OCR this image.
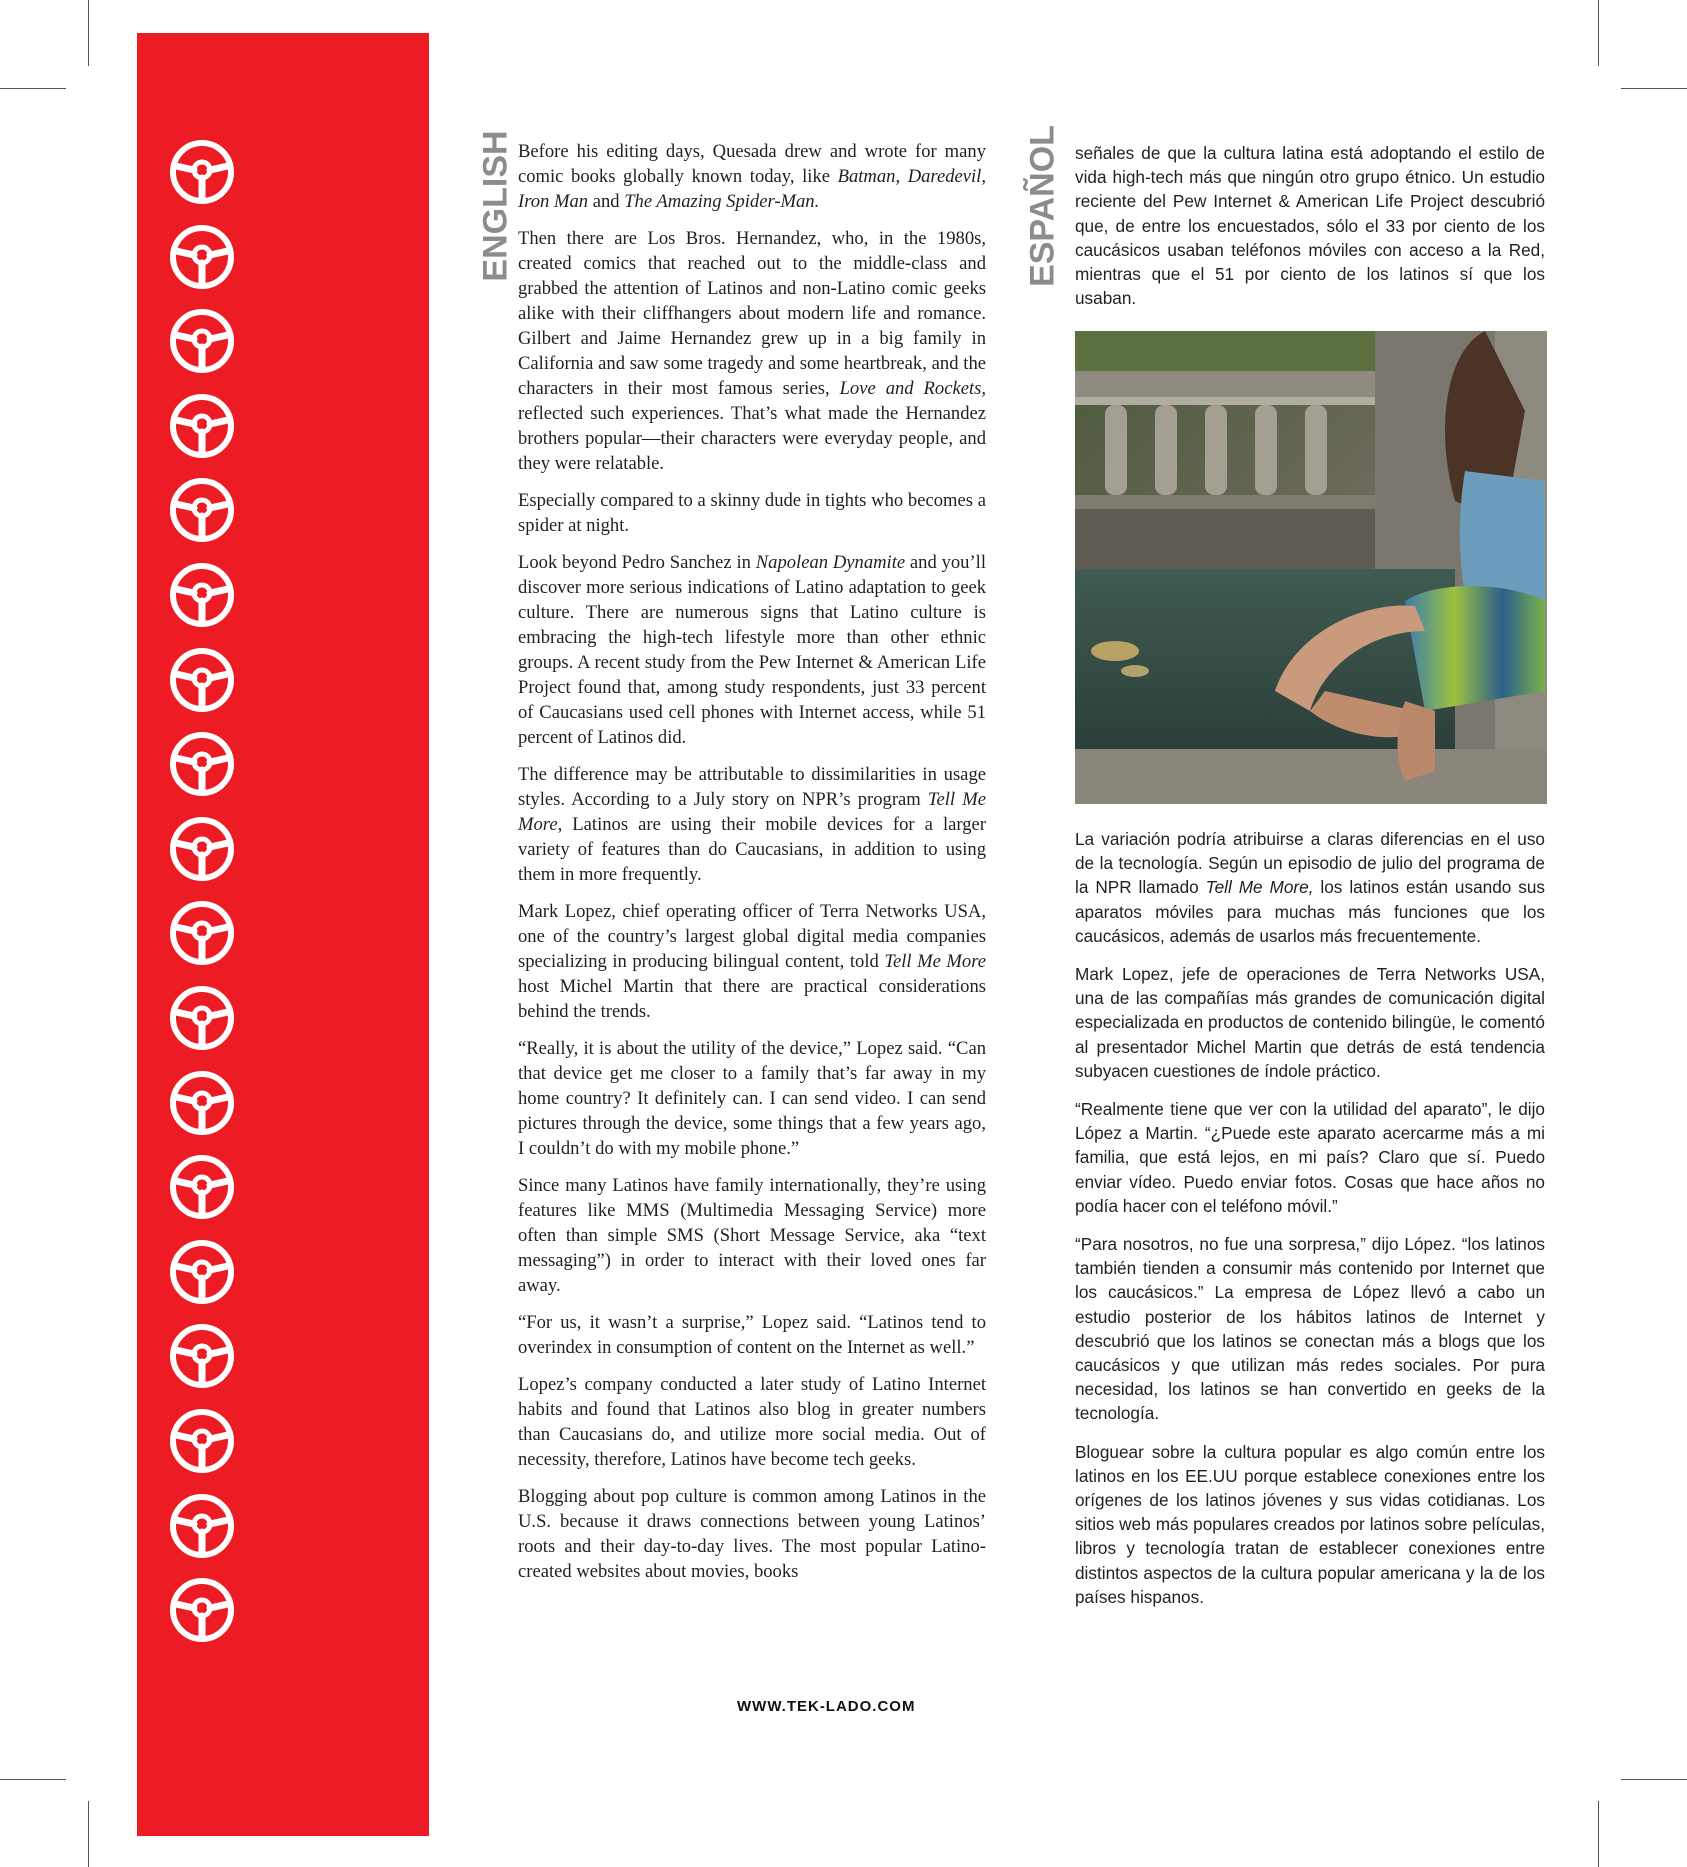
ENGLISH	ESPAÑOL

Before his editing days, Quesada drew and wrote for many comic books globally known today, like Batman, Daredevil, Iron Man and The Amazing Spider-Man.

Then there are Los Bros. Hernandez, who, in the 1980s, created comics that reached out to the middle-class and grabbed the attention of Latinos and non-Latino comic geeks alike with their cliffhangers about modern life and romance. Gilbert and Jaime Hernandez grew up in a big family in California and saw some tragedy and some heartbreak, and the characters in their most famous series, Love and Rockets, reflected such experiences. That’s what made the Hernandez brothers popular—their characters were everyday people, and they were relatable.

Especially compared to a skinny dude in tights who becomes a spider at night.

Look beyond Pedro Sanchez in Napolean Dynamite and you’ll discover more serious indications of Latino adaptation to geek culture. There are numerous signs that Latino culture is embracing the high-tech lifestyle more than other ethnic groups. A recent study from the Pew Internet & American Life Project found that, among study respondents, just 33 percent of Caucasians used cell phones with Internet access, while 51 percent of Latinos did.

The difference may be attributable to dissimilarities in usage styles. According to a July story on NPR’s program Tell Me More, Latinos are using their mobile devices for a larger variety of features than do Caucasians, in addition to using them in more frequently.

Mark Lopez, chief operating officer of Terra Networks USA, one of the country’s largest global digital media companies specializing in producing bilingual content, told Tell Me More host Michel Martin that there are practical considerations behind the trends.

“Really, it is about the utility of the device,” Lopez said. “Can that device get me closer to a family that’s far away in my home country? It definitely can. I can send video. I can send pictures through the device, some things that a few years ago, I couldn’t do with my mobile phone.”

Since many Latinos have family internationally, they’re using features like MMS (Multimedia Messaging Service) more often than simple SMS (Short Message Service, aka “text messaging”) in order to interact with their loved ones far away.

“For us, it wasn’t a surprise,” Lopez said. “Latinos tend to overindex in consumption of content on the Internet as well.”

Lopez’s company conducted a later study of Latino Internet habits and found that Latinos also blog in greater numbers than Caucasians do, and utilize more social media. Out of necessity, therefore, Latinos have become tech geeks.

Blogging about pop culture is common among Latinos in the U.S. because it draws connections between young Latinos’ roots and their day-to-day lives. The most popular Latino-created websites about movies, books

señales de que la cultura latina está adoptando el estilo de vida high-tech más que ningún otro grupo étnico. Un estudio reciente del Pew Internet & American Life Project descubrió que, de entre los encuestados, sólo el 33 por ciento de los caucásicos usaban teléfonos móviles con acceso a la Red, mientras que el 51 por ciento de los latinos sí que los usaban.

La variación podría atribuirse a claras diferencias en el uso de la tecnología. Según un episodio de julio del programa de la NPR llamado Tell Me More, los latinos están usando sus aparatos móviles para muchas más funciones que los caucásicos, además de usarlos más frecuentemente.

Mark Lopez, jefe de operaciones de Terra Networks USA, una de las compañías más grandes de comunicación digital especializada en productos de contenido bilingüe, le comentó al presentador Michel Martin que detrás de está tendencia subyacen cuestiones de índole práctico.

“Realmente tiene que ver con la utilidad del aparato”, le dijo López a Martin. “¿Puede este aparato acercarme más a mi familia, que está lejos, en mi país? Claro que sí. Puedo enviar vídeo. Puedo enviar fotos. Cosas que hace años no podía hacer con el teléfono móvil.”

“Para nosotros, no fue una sorpresa,” dijo López. “los latinos también tienden a consumir más contenido por Internet que los caucásicos.” La empresa de López llevó a cabo un estudio posterior de los hábitos latinos de Internet y descubrió que los latinos se conectan más a blogs que los caucásicos y que utilizan más redes sociales. Por pura necesidad, los latinos se han convertido en geeks de la tecnología.

Bloguear sobre la cultura popular es algo común entre los latinos en los EE.UU porque establece conexiones entre los orígenes de los latinos jóvenes y sus vidas cotidianas. Los sitios web más populares creados por latinos sobre películas, libros y tecnología tratan de establecer conexiones entre distintos aspectos de la cultura popular americana y la de los países hispanos.

WWW.TEK-LADO.COM
